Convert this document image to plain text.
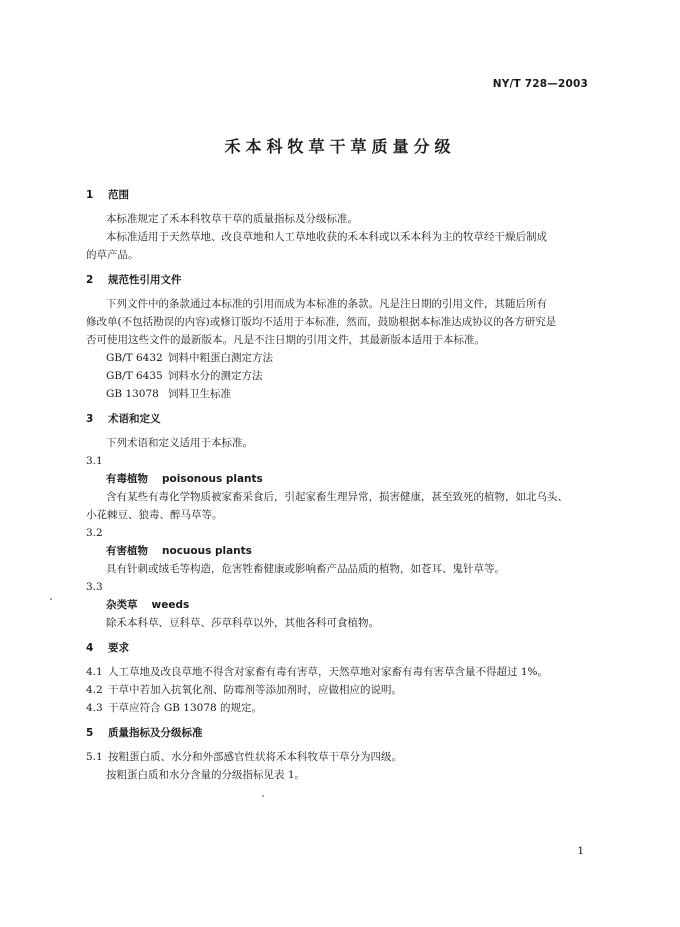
NY/T 728—2003
禾本科牧草干草质量分级
1 范围
本标准规定了禾本科牧草干草的质量指标及分级标准。
本标准适用于天然草地、改良草地和人工草地收获的禾本科或以禾本科为主的牧草经干燥后制成
的草产品。
2 规范性引用文件
下列文件中的条款通过本标准的引用而成为本标准的条款。凡是注日期的引用文件，其随后所有
修改单(不包括勘误的内容)或修订版均不适用于本标准，然而，鼓励根据本标准达成协议的各方研究是
否可使用这些文件的最新版本。凡是不注日期的引用文件，其最新版本适用于本标准。
GB/T 6432 饲料中粗蛋白测定方法
GB/T 6435 饲料水分的测定方法
GB 13078 饲料卫生标准
3 术语和定义
下列术语和定义适用于本标准。
3.1
有毒植物 poisonous plants
含有某些有毒化学物质被家畜采食后，引起家畜生理异常，损害健康，甚至致死的植物，如北乌头、
小花棘豆、狼毒、醉马草等。
3.2
有害植物 nocuous plants
具有针刺或绒毛等构造，危害牲畜健康或影响畜产品品质的植物，如苍耳、鬼针草等。
3.3
杂类草 weeds
除禾本科草、豆科草、莎草科草以外，其他各科可食植物。
4 要求
4.1 人工草地及改良草地不得含对家畜有毒有害草，天然草地对家畜有毒有害草含量不得超过 1%。
4.2 干草中若加入抗氧化剂、防霉剂等添加剂时，应做相应的说明。
4.3 干草应符合 GB 13078 的规定。
5 质量指标及分级标准
5.1 按粗蛋白质、水分和外部感官性状将禾本科牧草干草分为四级。
按粗蛋白质和水分含量的分级指标见表 1。
1
